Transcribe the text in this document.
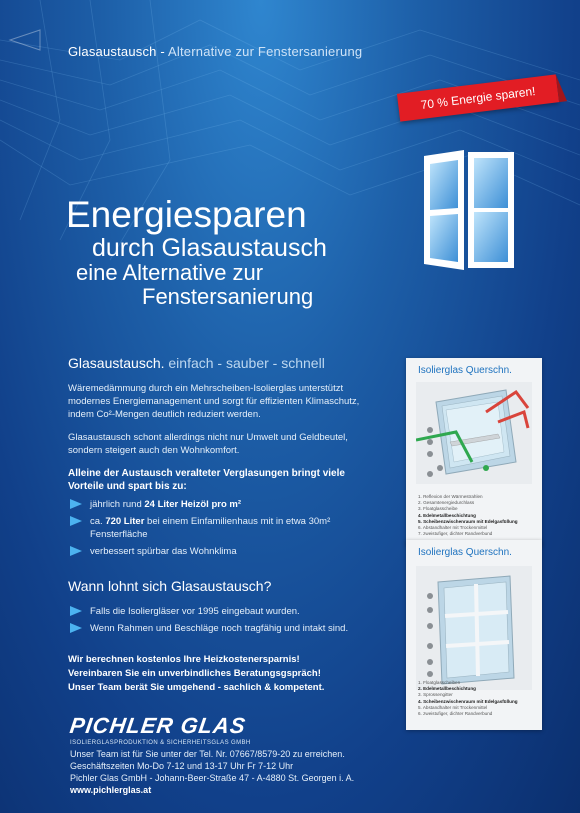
Glasaustausch - Alternative zur Fenstersanierung
70 % Energie sparen!
Energiesparen
durch Glasaustausch
eine Alternative zur
Fenstersanierung
Glasaustausch. einfach - sauber - schnell

Wäremedämmung durch ein Mehrscheiben-Isolierglas unterstützt modernes Energiemanagement und sorgt für effizienten Klimaschutz, indem Co²-Mengen deutlich reduziert werden.

Glasaustausch schont allerdings nicht nur Umwelt und Geldbeutel, sondern steigert auch den Wohnkomfort.

Alleine der Austausch veralteter Verglasungen bringt viele Vorteile und spart bis zu:
jährlich rund 24 Liter Heizöl pro m²
ca. 720 Liter bei einem Einfamilienhaus mit in etwa 30m² Fensterfläche
verbessert spürbar das Wohnklima
Wann lohnt sich Glasaustausch?
Falls die Isoliergläser vor 1995 eingebaut wurden.
Wenn Rahmen und Beschläge noch tragfähig und intakt sind.
Wir berechnen kostenlos Ihre Heizkostenersparnis!
Vereinbaren Sie ein unverbindliches Beratungsgspräch!
Unser Team berät Sie umgehend - sachlich & kompetent.
PICHLER GLAS
ISOLIERGLASPRODUKTION & SICHERHEITSGLAS GMBH
Unser Team ist für Sie unter der Tel. Nr. 07667/8579-20 zu erreichen.
Geschäftszeiten Mo-Do 7-12 und 13-17 Uhr Fr 7-12 Uhr
Pichler Glas GmbH - Johann-Beer-Straße 47 - A-4880 St. Georgen i. A.
www.pichlerglas.at
Isolierglas Querschn.
1. Reflexion der Wärmestrahlen
2. Gesamtenergiedurchlass
3. Floatglasscheibe
4. Edelmetallbeschichtung
5. Scheibenzwischenraum mit Edelgasfüllung
6. Abstandhalter mit Trockenmittel
7. zweistufiger, dichter Randverbund
Isolierglas Querschn.
1. Floatglasscheiben
2. Edelmetallbeschichtung
3. Sprossengitter
4. Scheibenzwischenraum mit Edelgasfüllung
5. Abstandhalter mit Trockenmittel
6. zweistufiger, dichter Randverbund
